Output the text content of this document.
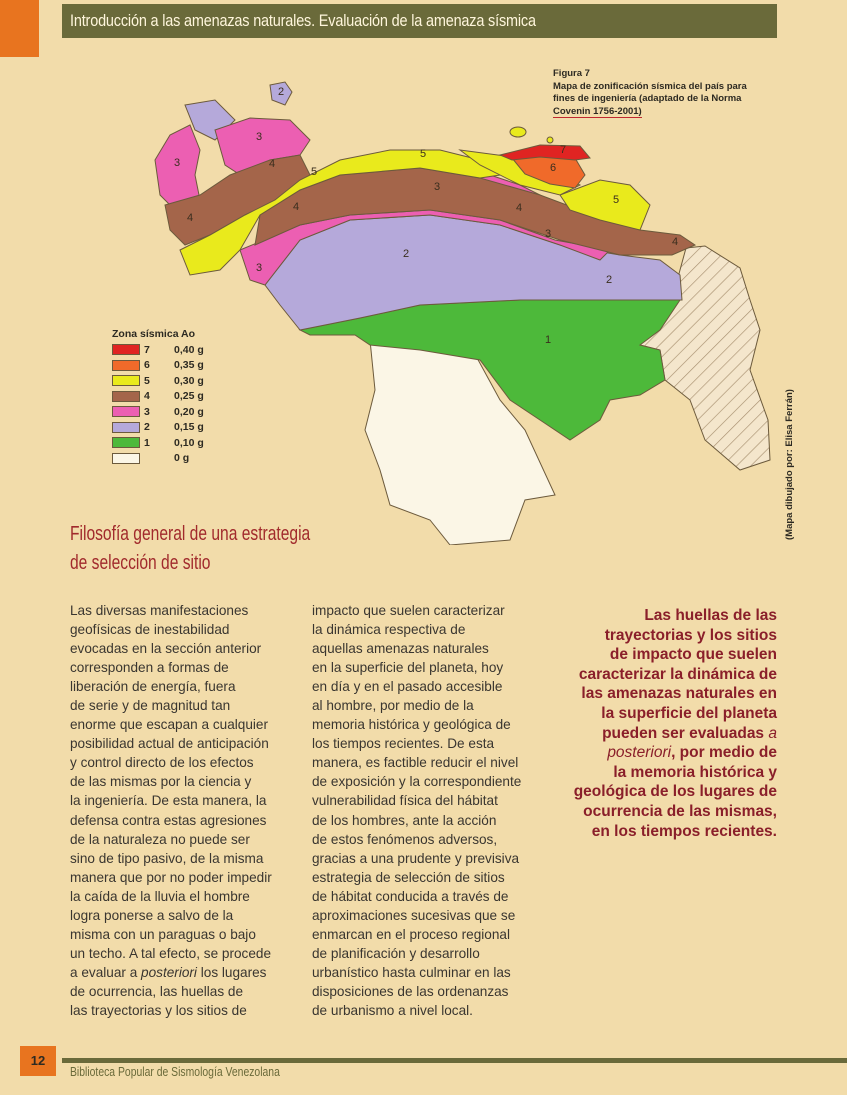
Introducción a las amenazas naturales. Evaluación de la amenaza sísmica
1
2
2
2
3
3
3
3
3
4
4
4	4
4
5
5
5
6
7
Figura 7
Mapa de zonificación sísmica del país para
fines de ingeniería (adaptado de la Norma
Covenin 1756-2001)
Zona sísmica Ao
7	0,40 g
6	0,35 g
5	0,30 g
4	0,25 g
3	0,20 g
2	0,15 g
1	0,10 g
0 g	(Mapa dibujado por: Elisa Ferrán)
Filosofía general de una estrategia
de selección de sitio

Las diversas manifestaciones

geofísicas de inestabilidad

evocadas en la sección anterior

corresponden a formas de

liberación de energía, fuera

de serie y de magnitud tan

enorme que escapan a cualquier

posibilidad actual de anticipación

y control directo de los efectos

de las mismas por la ciencia y

la ingeniería. De esta manera, la

defensa contra estas agresiones

de la naturaleza no puede ser

sino de tipo pasivo, de la misma

manera que por no poder impedir

la caída de la lluvia el hombre

logra ponerse a salvo de la

misma con un paraguas o bajo

un techo. A tal efecto, se procede

a evaluar a posteriori los lugares

de ocurrencia, las huellas de

las trayectorias y los sitios de

impacto que suelen caracterizar

la dinámica respectiva de

aquellas amenazas naturales

en la superficie del planeta, hoy

en día y en el pasado accesible

al hombre, por medio de la

memoria histórica y geológica de

los tiempos recientes. De esta

manera, es factible reducir el nivel

de exposición y la correspondiente

vulnerabilidad física del hábitat

de los hombres, ante la acción

de estos fenómenos adversos,

gracias a una prudente y previsiva

estrategia de selección de sitios

de hábitat conducida a través de

aproximaciones sucesivas que se

enmarcan en el proceso regional

de planificación y desarrollo

urbanístico hasta culminar en las

disposiciones de las ordenanzas

de urbanismo a nivel local.

Las huellas de las

trayectorias y los sitios

de impacto que suelen

caracterizar la dinámica de

las amenazas naturales en

la superficie del planeta

pueden ser evaluadas a

posteriori, por medio de

la memoria histórica y

geológica de los lugares de

ocurrencia de las mismas,

en los tiempos recientes.

12
Biblioteca Popular de Sismología Venezolana
